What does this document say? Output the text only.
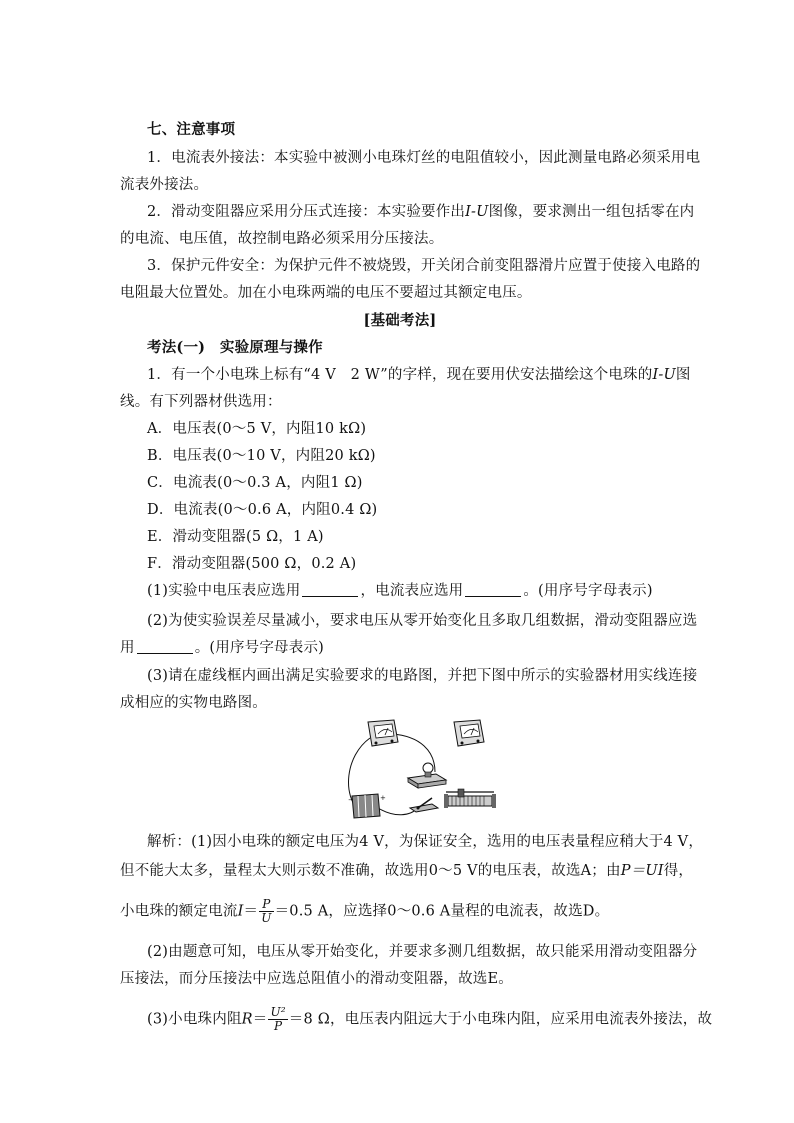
七、注意事项
1．电流表外接法：本实验中被测小电珠灯丝的电阻值较小，因此测量电路必须采用电
流表外接法。
2．滑动变阻器应采用分压式连接：本实验要作出I-U图像，要求测出一组包括零在内
的电流、电压值，故控制电路必须采用分压接法。
3．保护元件安全：为保护元件不被烧毁，开关闭合前变阻器滑片应置于使接入电路的
电阻最大位置处。加在小电珠两端的电压不要超过其额定电压。
[基础考法]
考法(一)　实验原理与操作
1．有一个小电珠上标有“4 V　2 W”的字样，现在要用伏安法描绘这个电珠的I-U图
线。有下列器材供选用：
A．电压表(0～5 V，内阻10 kΩ)
B．电压表(0～10 V，内阻20 kΩ)
C．电流表(0～0.3 A，内阻1 Ω)
D．电流表(0～0.6 A，内阻0.4 Ω)
E．滑动变阻器(5 Ω，1 A)
F．滑动变阻器(500 Ω，0.2 A)
(1)实验中电压表应选用	，电流表应选用	。(用序号字母表示)
(2)为使实验误差尽量减小，要求电压从零开始变化且多取几组数据，滑动变阻器应选
用	。(用序号字母表示)
(3)请在虚线框内画出满足实验要求的电路图，并把下图中所示的实验器材用实线连接
成相应的实物电路图。
−	+
解析：(1)因小电珠的额定电压为4 V，为保证安全，选用的电压表量程应稍大于4 V，
但不能大太多，量程太大则示数不准确，故选用0～5 V的电压表，故选A；由P＝UI得，
小电珠的额定电流$I= \frac{P}{U} =0.5$ A，应选择0～0.6 A量程的电流表，故选D。
(2)由题意可知，电压从零开始变化，并要求多测几组数据，故只能采用滑动变阻器分
压接法，而分压接法中应选总阻值小的滑动变阻器，故选E。
(3)小电珠内阻$R= \frac{\text{U²}}{P} =8$ Ω，电压表内阻远大于小电珠内阻，应采用电流表外接法，故
